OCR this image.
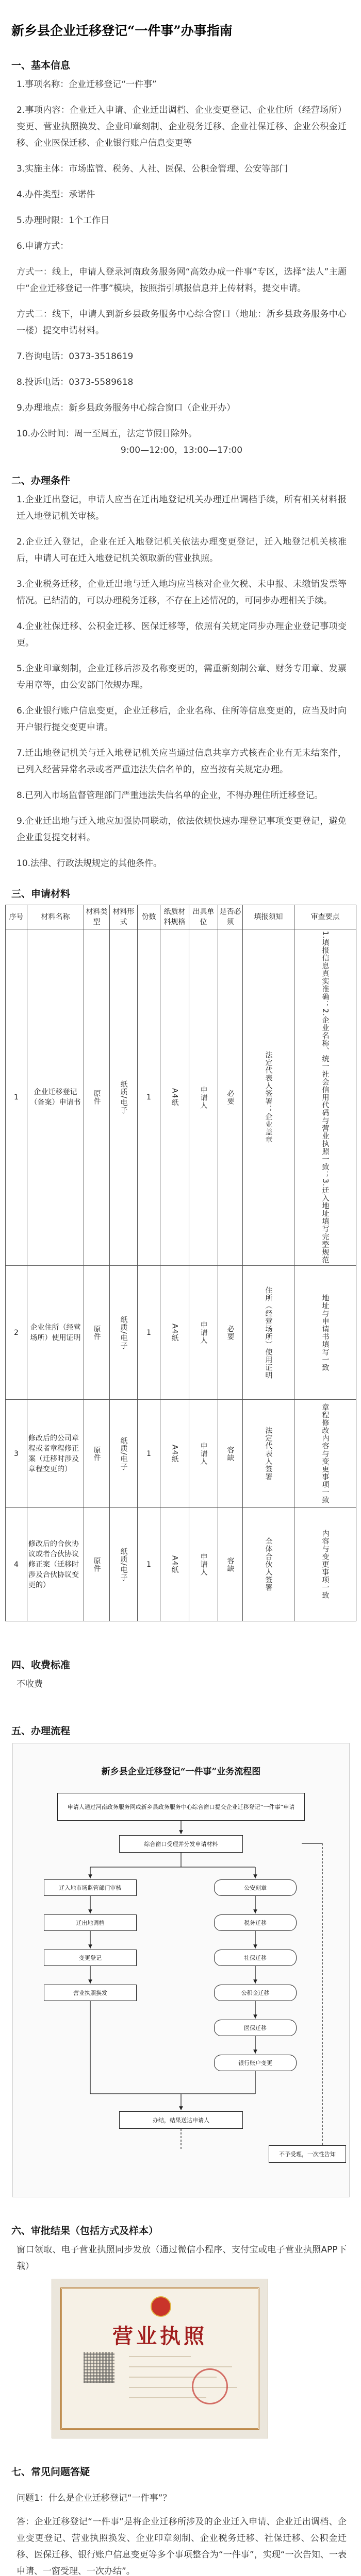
新乡县企业迁移登记“一件事”办事指南
一、基本信息
1.事项名称：企业迁移登记“一件事”
2.事项内容：企业迁入申请、企业迁出调档、企业变更登记、企业住所（经营场所）变更、营业执照换发、企业印章刻制、企业税务迁移、企业社保迁移、企业公积金迁移、企业医保迁移、企业银行账户信息变更等
3.实施主体：市场监管、税务、人社、医保、公积金管理、公安等部门
4.办件类型：承诺件
5.办理时限：1个工作日
6.申请方式：
方式一：线上，申请人登录河南政务服务网“高效办成一件事”专区，选择“法人”主题中“企业迁移登记一件事”模块，按照指引填报信息并上传材料，提交申请。
方式二：线下，申请人到新乡县政务服务中心综合窗口（地址：新乡县政务服务中心一楼）提交申请材料。
7.咨询电话：0373-3518619
8.投诉电话：0373-5589618
9.办理地点：新乡县政务服务中心综合窗口（企业开办）
10.办公时间：周一至周五，法定节假日除外。
9:00—12:00，13:00—17:00
二、办理条件
1.企业迁出登记，申请人应当在迁出地登记机关办理迁出调档手续，所有相关材料报迁入地登记机关审核。
2.企业迁入登记，企业在迁入地登记机关依法办理变更登记，迁入地登记机关核准后，申请人可在迁入地登记机关领取新的营业执照。
3.企业税务迁移，企业迁出地与迁入地均应当核对企业欠税、未申报、未缴销发票等情况。已结清的，可以办理税务迁移，不存在上述情况的，可同步办理相关手续。
4.企业社保迁移、公积金迁移、医保迁移等，依照有关规定同步办理企业登记事项变更。
5.企业印章刻制，企业迁移后涉及名称变更的，需重新刻制公章、财务专用章、发票专用章等，由公安部门依规办理。
6.企业银行账户信息变更，企业迁移后，企业名称、住所等信息变更的，应当及时向开户银行提交变更申请。
7.迁出地登记机关与迁入地登记机关应当通过信息共享方式核查企业有无未结案件，已列入经营异常名录或者严重违法失信名单的，应当按有关规定办理。
8.已列入市场监督管理部门严重违法失信名单的企业，不得办理住所迁移登记。
9.企业迁出地与迁入地应加强协同联动，依法依规快速办理登记事项变更登记，避免企业重复提交材料。
10.法律、行政法规规定的其他条件。
三、申请材料
序号	材料名称	材料类型	材料形式	份数	纸质材料规格	出具单位	是否必须	填报须知	审查要点
1	企业迁移登记（备案）申请书	原件	纸质/电子	1	A4纸	申请人	必要	法定代表人签署；企业盖章	1.填报信息真实准确；2.企业名称、统一社会信用代码与营业执照一致；3.迁入地址填写完整规范

2	企业住所（经营场所）使用证明	原件	纸质/电子	1	A4纸	申请人	必要	住所（经营场所）使用证明	地址与申请书填写一致

3	修改后的公司章程或者章程修正案（迁移时涉及章程变更的）	原件	纸质/电子	1	A4纸	申请人	容缺	法定代表人签署	章程修改内容与变更事项一致

4	修改后的合伙协议或者合伙协议修正案（迁移时涉及合伙协议变更的）	原件	纸质/电子	1	A4纸	申请人	容缺	全体合伙人签署	内容与变更事项一致
四、收费标准
不收费
五、办理流程
新乡县企业迁移登记“一件事”业务流程图
申请人通过河南政务服务网或新乡县政务服务中心综合窗口提交企业迁移登记“一件事”申请
综合窗口受理并分发申请材料
迁入地市场监管部门审核
迁出地调档
变更登记
营业执照换发
公安刻章
税务迁移
社保迁移
公积金迁移
医保迁移
银行账户变更
办结，结果送达申请人
不予受理，一次性告知
六、审批结果（包括方式及样本）
窗口领取、电子营业执照同步发放（通过微信小程序、支付宝或电子营业执照APP下载）
营业执照
七、常见问题答疑
问题1：什么是企业迁移登记“一件事”？
答：企业迁移登记“一件事”是将企业迁移所涉及的企业迁入申请、企业迁出调档、企业变更登记、营业执照换发、企业印章刻制、企业税务迁移、社保迁移、公积金迁移、医保迁移、银行账户信息变更等多个事项整合为“一件事”，实现“一次告知、一表申请、一窗受理、一次办结”。
